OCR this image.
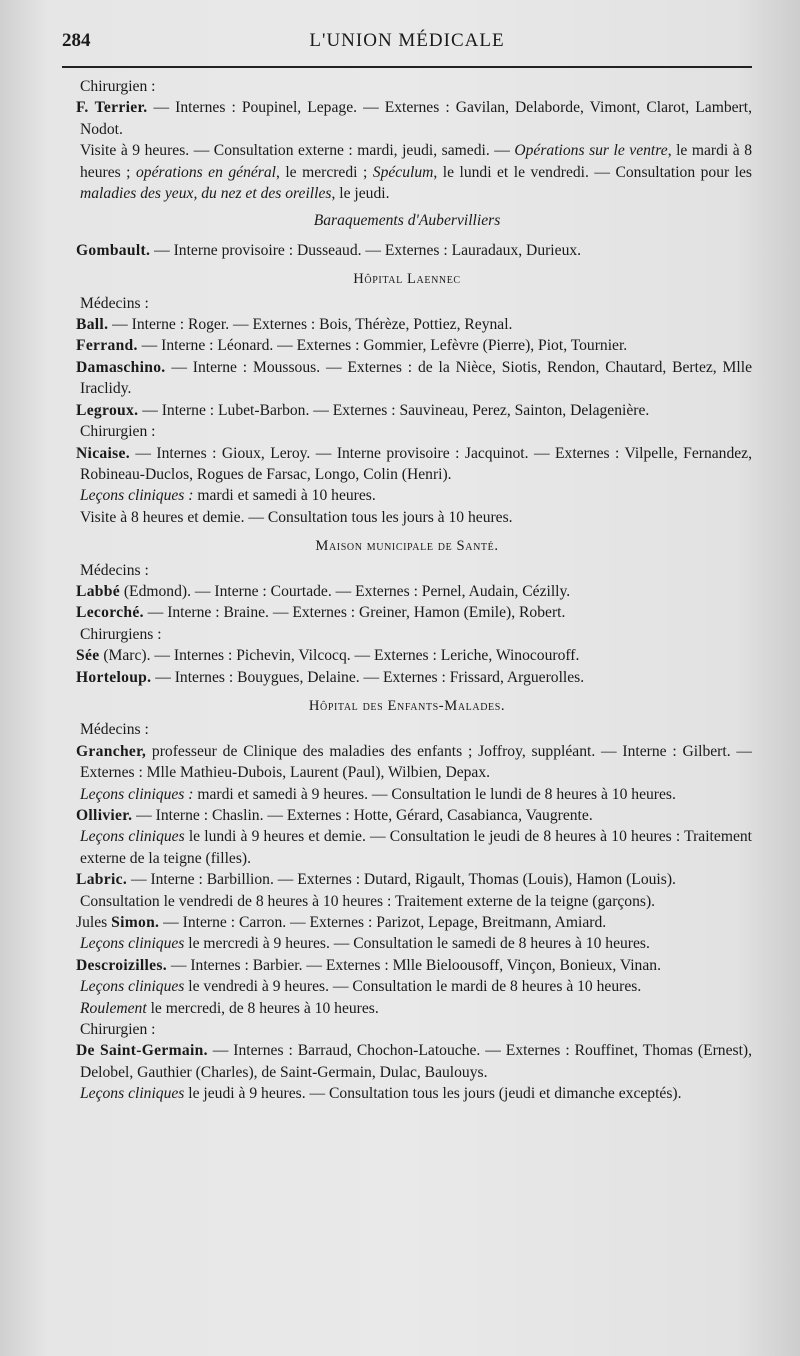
284	L'UNION MÉDICALE

Chirurgien :

F. Terrier. — Internes : Poupinel, Lepage. — Externes : Gavilan, Delaborde, Vimont, Clarot, Lambert, Nodot.

Visite à 9 heures. — Consultation externe : mardi, jeudi, samedi. — Opérations sur le ventre, le mardi à 8 heures ; opérations en général, le mercredi ; Spéculum, le lundi et le vendredi. — Consultation pour les maladies des yeux, du nez et des oreilles, le jeudi.

Baraquements d'Aubervilliers

Gombault. — Interne provisoire : Dusseaud. — Externes : Lauradaux, Durieux.

Hôpital Laennec

Médecins :

Ball. — Interne : Roger. — Externes : Bois, Thérèze, Pottiez, Reynal.

Ferrand. — Interne : Léonard. — Externes : Gommier, Lefèvre (Pierre), Piot, Tournier.

Damaschino. — Interne : Moussous. — Externes : de la Nièce, Siotis, Rendon, Chautard, Bertez, Mlle Iraclidy.

Legroux. — Interne : Lubet-Barbon. — Externes : Sauvineau, Perez, Sainton, Delagenière.

Chirurgien :

Nicaise. — Internes : Gioux, Leroy. — Interne provisoire : Jacquinot. — Externes : Vilpelle, Fernandez, Robineau-Duclos, Rogues de Farsac, Longo, Colin (Henri).

Leçons cliniques : mardi et samedi à 10 heures.

Visite à 8 heures et demie. — Consultation tous les jours à 10 heures.

Maison municipale de Santé.

Médecins :

Labbé (Edmond). — Interne : Courtade. — Externes : Pernel, Audain, Cézilly.

Lecorché. — Interne : Braine. — Externes : Greiner, Hamon (Emile), Robert.

Chirurgiens :

Sée (Marc). — Internes : Pichevin, Vilcocq. — Externes : Leriche, Winocouroff.

Horteloup. — Internes : Bouygues, Delaine. — Externes : Frissard, Arguerolles.

Hôpital des Enfants-Malades.

Médecins :

Grancher, professeur de Clinique des maladies des enfants ; Joffroy, suppléant. — Interne : Gilbert. — Externes : Mlle Mathieu-Dubois, Laurent (Paul), Wilbien, Depax.

Leçons cliniques : mardi et samedi à 9 heures. — Consultation le lundi de 8 heures à 10 heures.

Ollivier. — Interne : Chaslin. — Externes : Hotte, Gérard, Casabianca, Vaugrente.

Leçons cliniques le lundi à 9 heures et demie. — Consultation le jeudi de 8 heures à 10 heures : Traitement externe de la teigne (filles).

Labric. — Interne : Barbillion. — Externes : Dutard, Rigault, Thomas (Louis), Hamon (Louis).

Consultation le vendredi de 8 heures à 10 heures : Traitement externe de la teigne (garçons).

Jules Simon. — Interne : Carron. — Externes : Parizot, Lepage, Breitmann, Amiard.

Leçons cliniques le mercredi à 9 heures. — Consultation le samedi de 8 heures à 10 heures.

Descroizilles. — Internes : Barbier. — Externes : Mlle Bieloousoff, Vinçon, Bonieux, Vinan.

Leçons cliniques le vendredi à 9 heures. — Consultation le mardi de 8 heures à 10 heures.

Roulement le mercredi, de 8 heures à 10 heures.

Chirurgien :

De Saint-Germain. — Internes : Barraud, Chochon-Latouche. — Externes : Rouffinet, Thomas (Ernest), Delobel, Gauthier (Charles), de Saint-Germain, Dulac, Baulouys.

Leçons cliniques le jeudi à 9 heures. — Consultation tous les jours (jeudi et dimanche exceptés).
